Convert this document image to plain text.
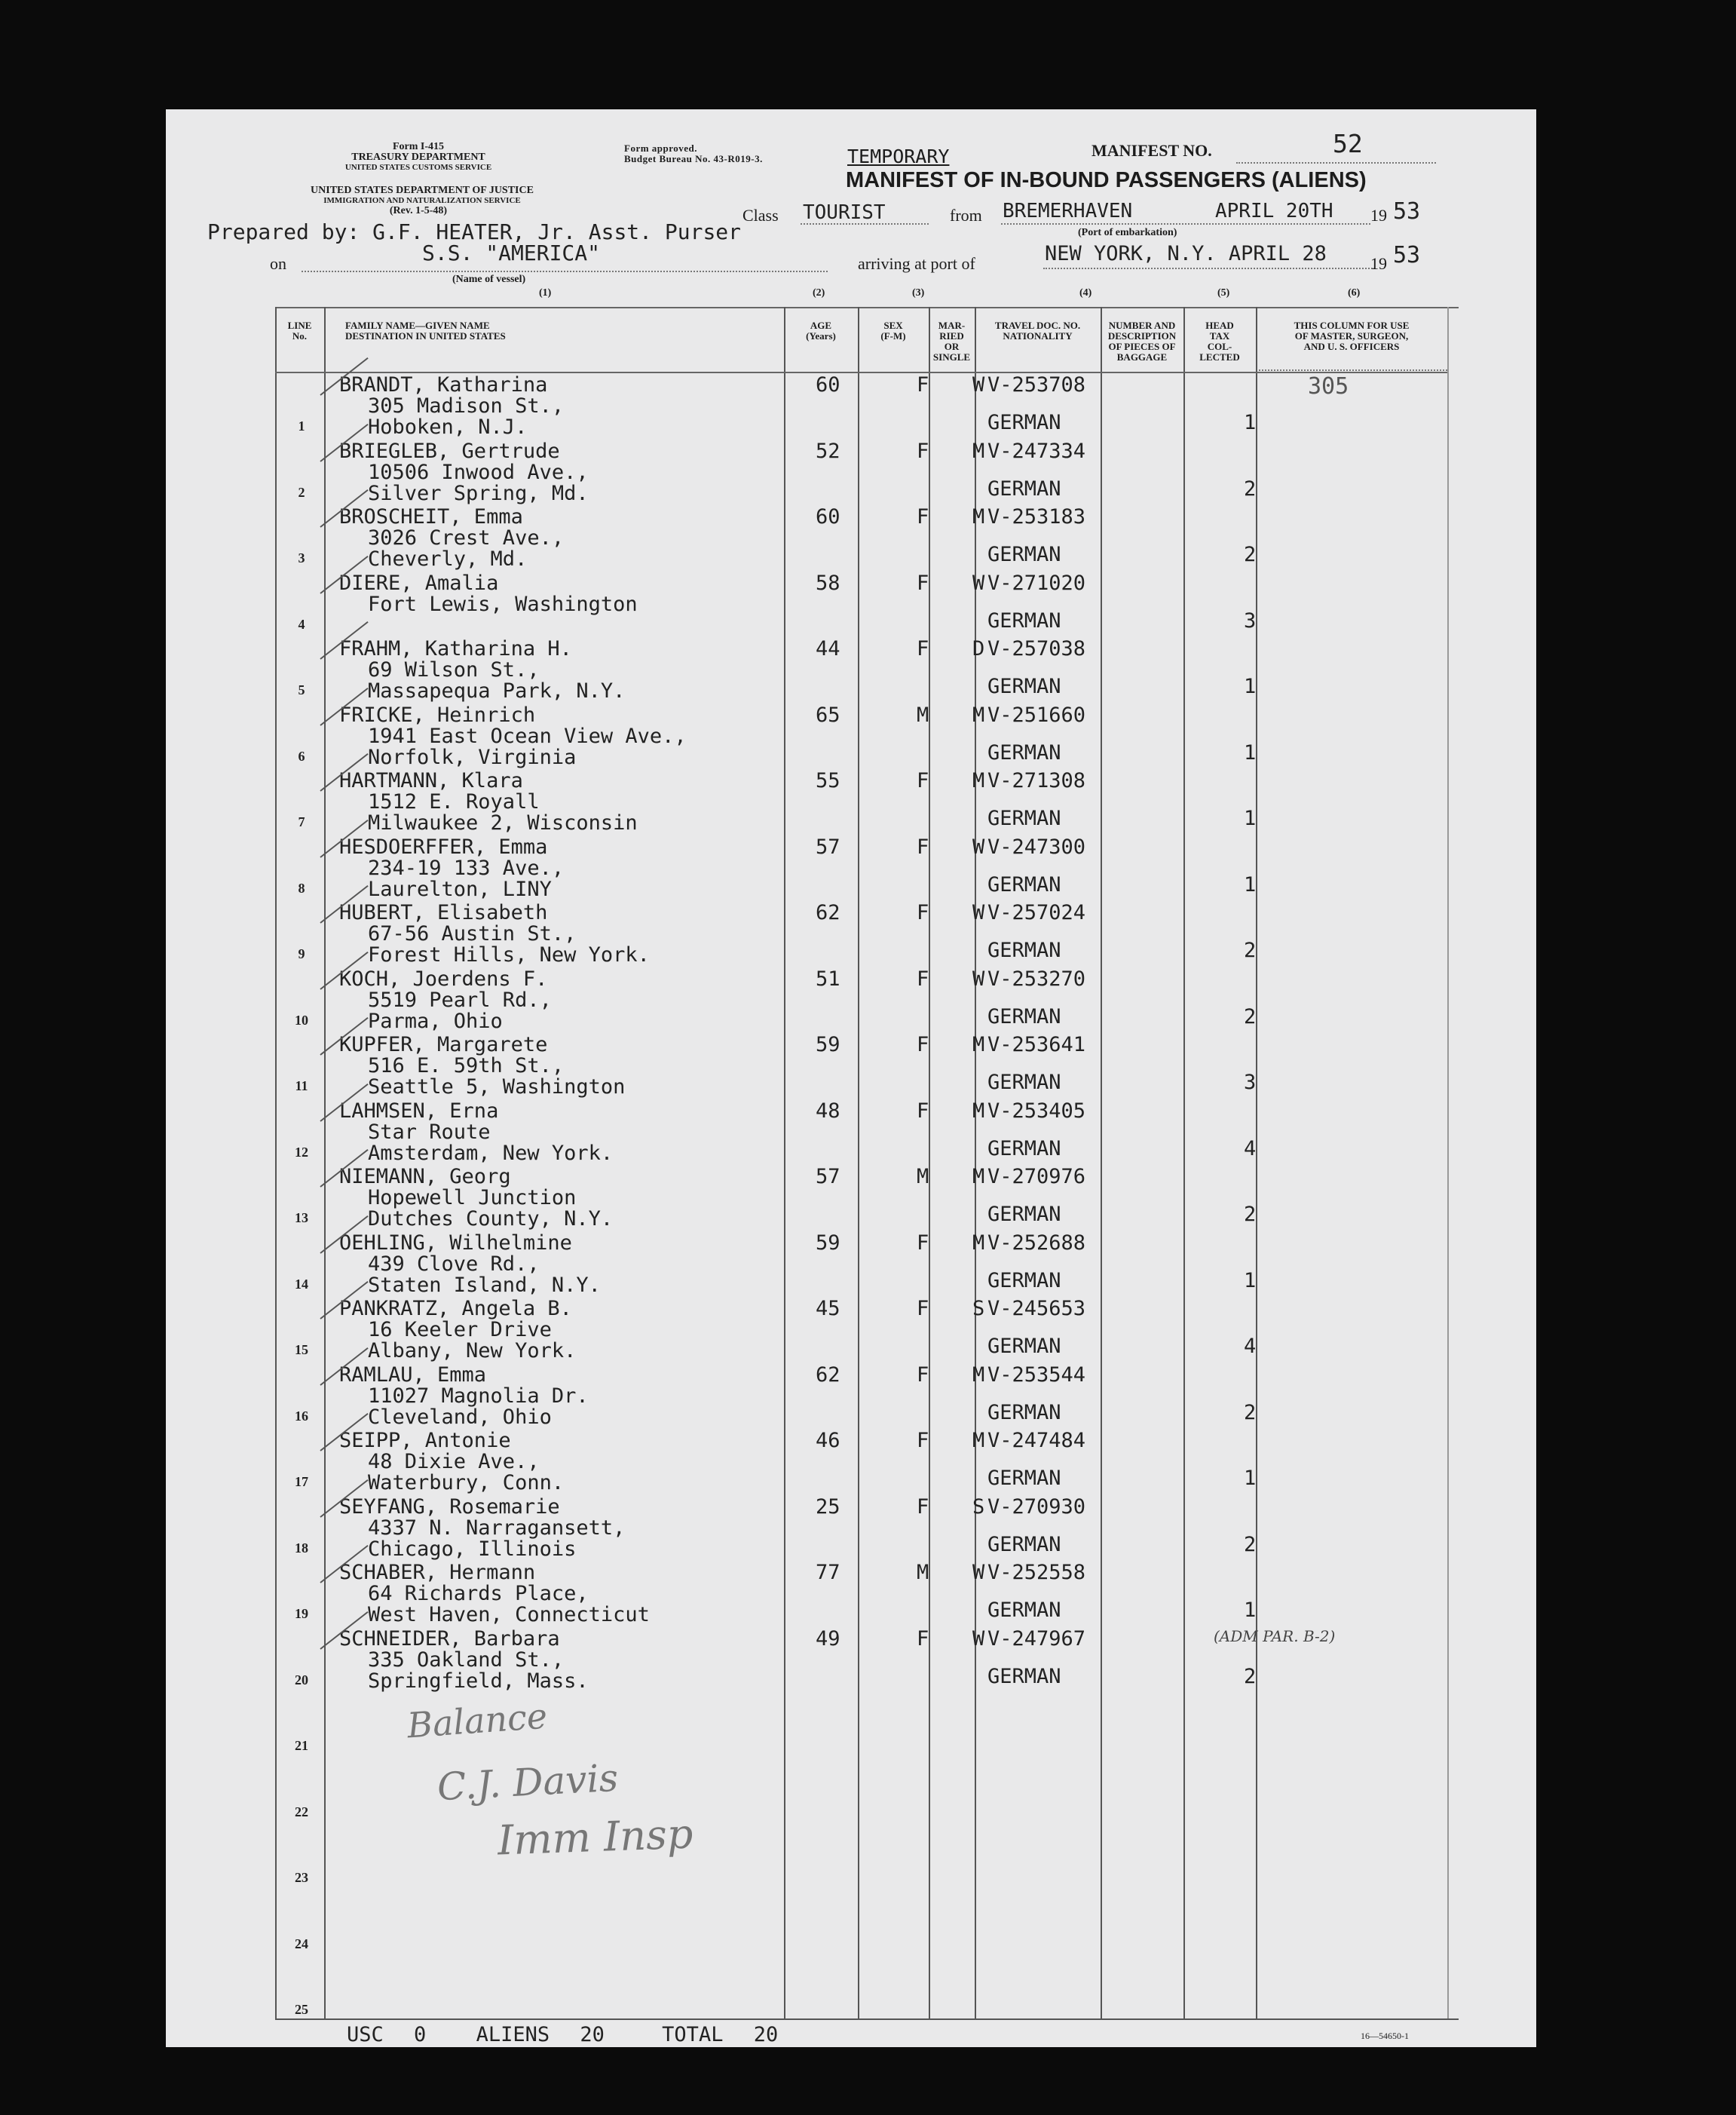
Form I-415
TREASURY DEPARTMENT
UNITED STATES CUSTOMS SERVICE
UNITED STATES DEPARTMENT OF JUSTICE
IMMIGRATION AND NATURALIZATION SERVICE
(Rev. 1-5-48)
Form approved.
Budget Bureau No. 43-R019-3.	TEMPORARY
MANIFEST OF IN-BOUND PASSENGERS (ALIENS)
MANIFEST NO.	52
Class TOURIST	from BREMERHAVEN	APRIL 20TH 19 53
(Port of embarkation)
Prepared by: G.F. HEATER, Jr. Asst. Purser
on	S.S. "AMERICA"
(Name of vessel)
arriving at port of	NEW YORK, N.Y. APRIL 28	19 53
Balance
C.J. Davis
Imm Insp
USC 0 ALIENS 20	TOTAL 20	16—54650-1
(1)	(2)	(3)	(4)	(5)	(6)
LINE
No.
FAMILY NAME—GIVEN NAME
DESTINATION IN UNITED STATES
AGE
(Years)
SEX
(F-M)
MAR-
RIED
OR
SINGLE
TRAVEL DOC. NO.
NATIONALITY
NUMBER AND DESCRIPTION
OF PIECES OF
BAGGAGE
HEAD
TAX
COL-
LECTED
THIS COLUMN FOR USE
OF MASTER, SURGEON,
AND U. S. OFFICERS
1
BRANDT, Katharina
305 Madison St.,
Hoboken, N.J.
60	F W V-253708
GERMAN	1
305
2
BRIEGLEB, Gertrude
10506 Inwood Ave.,
Silver Spring, Md.
52	F M V-247334
GERMAN	2
3
BROSCHEIT, Emma
3026 Crest Ave.,
Cheverly, Md.
60	F M V-253183
GERMAN	2
4
DIERE, Amalia
Fort Lewis, Washington
58	F W V-271020
GERMAN	3
5
FRAHM, Katharina H.
69 Wilson St.,
Massapequa Park, N.Y.
44	F D V-257038
GERMAN	1
6
FRICKE, Heinrich
1941 East Ocean View Ave.,
Norfolk, Virginia
65	M M V-251660
GERMAN	1
7
HARTMANN, Klara
1512 E. Royall
Milwaukee 2, Wisconsin
55	F M V-271308
GERMAN	1
8
HESDOERFFER, Emma
234-19 133 Ave.,
Laurelton, LINY
57	F W V-247300
GERMAN	1
9
HUBERT, Elisabeth
67-56 Austin St.,
Forest Hills, New York.
62	F W V-257024
GERMAN	2
10
KOCH, Joerdens F.
5519 Pearl Rd.,
Parma, Ohio
51	F W V-253270
GERMAN	2
11
KUPFER, Margarete
516 E. 59th St.,
Seattle 5, Washington
59	F M V-253641
GERMAN	3
12
LAHMSEN, Erna
Star Route
Amsterdam, New York.
48	F M V-253405
GERMAN	4
13
NIEMANN, Georg
Hopewell Junction
Dutches County, N.Y.
57	M M V-270976
GERMAN	2
14
OEHLING, Wilhelmine
439 Clove Rd.,
Staten Island, N.Y.
59	F M V-252688
GERMAN	1
15
PANKRATZ, Angela B.
16 Keeler Drive
Albany, New York.
45	F S V-245653
GERMAN	4
16
RAMLAU, Emma
11027 Magnolia Dr.
Cleveland, Ohio
62	F M V-253544
GERMAN	2
17
SEIPP, Antonie
48 Dixie Ave.,
Waterbury, Conn.
46	F M V-247484
GERMAN	1
18
SEYFANG, Rosemarie
4337 N. Narragansett,
Chicago, Illinois
25	F S V-270930
GERMAN	2
19
SCHABER, Hermann
64 Richards Place,
West Haven, Connecticut
77	M W V-252558
GERMAN	1
20
SCHNEIDER, Barbara
335 Oakland St.,
Springfield, Mass.
49	F W V-247967
GERMAN	2
(ADM PAR. B-2)
21
22
23
24
25
